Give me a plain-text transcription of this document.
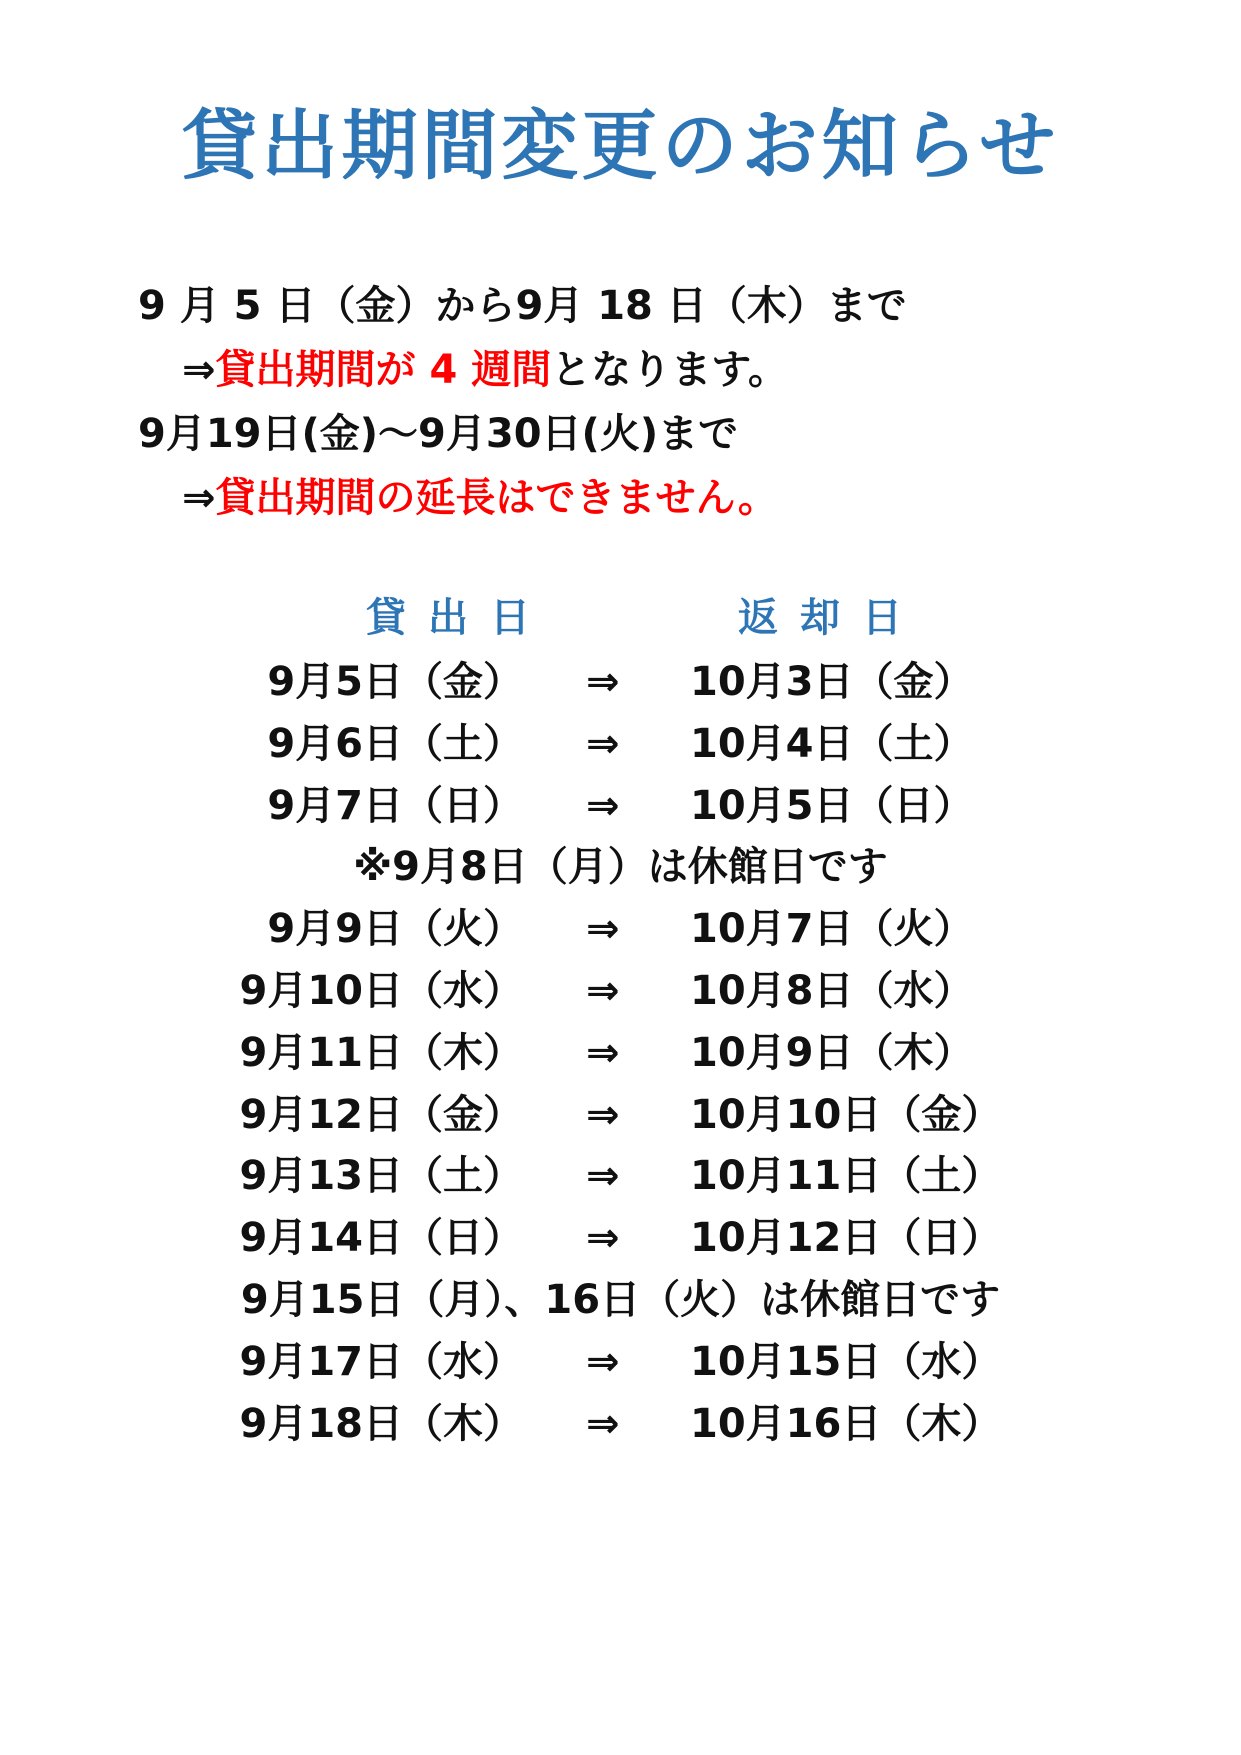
貸出期間変更のお知らせ
9 月 5 日（金）から9月 18 日（木）まで
⇒貸出期間が 4 週間となります。
9月19日(金)～9月30日(火)まで
⇒貸出期間の延長はできません。
貸出日	返却日
9月5日（金） ⇒ 10月3日（金）
9月6日（土） ⇒ 10月4日（土）
9月7日（日） ⇒ 10月5日（日）
※9月8日（月）は休館日です
9月9日（火） ⇒ 10月7日（火）
9月10日（水） ⇒ 10月8日（水）
9月11日（木） ⇒ 10月9日（木）
9月12日（金） ⇒ 10月10日（金）
9月13日（土） ⇒ 10月11日（土）
9月14日（日） ⇒ 10月12日（日）
9月15日（月）、16日（火）は休館日です
9月17日（水） ⇒ 10月15日（水）
9月18日（木） ⇒ 10月16日（木）
